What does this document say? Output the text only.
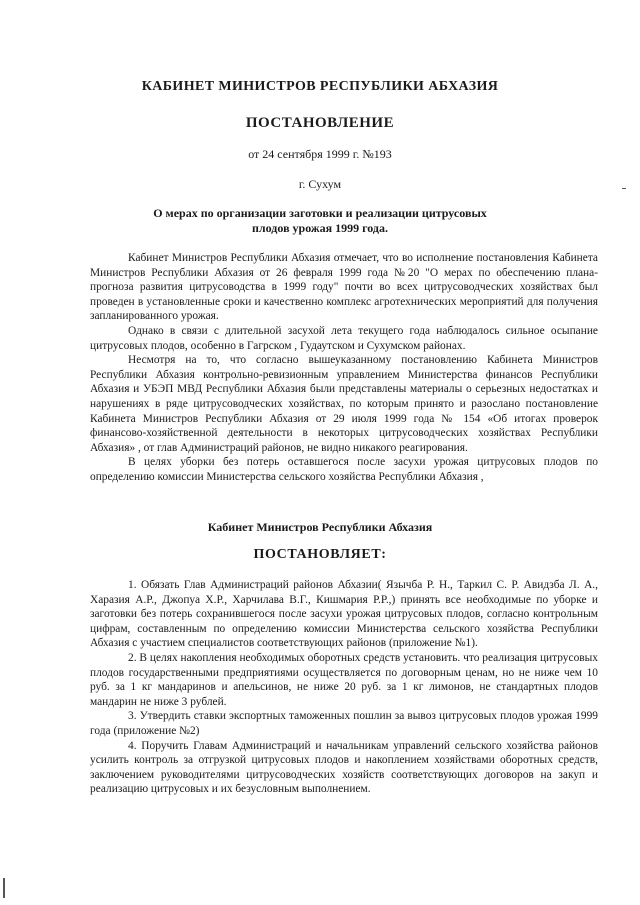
КАБИНЕТ МИНИСТРОВ РЕСПУБЛИКИ АБХАЗИЯ
ПОСТАНОВЛЕНИЕ
от 24 сентября 1999 г. №193
г. Сухум
О мерах по организации заготовки и реализации цитрусовых
плодов урожая 1999 года.

Кабинет Министров Республики Абхазия отмечает, что во исполнение постановления Кабинета Министров Республики Абхазия от 26 февраля 1999 года №20 "О мерах по обеспечению плана-прогноза развития цитрусоводства в 1999 году" почти во всех цитрусоводческих хозяйствах был проведен в установленные сроки и качественно комплекс агротехнических мероприятий для получения запланированного урожая.

Однако в связи с длительной засухой лета текущего года наблюдалось сильное осыпание цитрусовых плодов, особенно в Гагрском , Гудаутском и Сухумском районах.

Несмотря на то, что согласно вышеуказанному постановлению Кабинета Министров Республики Абхазия контрольно-ревизионным управлением Министерства финансов Республики Абхазия и УБЭП МВД Республики Абхазия были представлены материалы о серьезных недостатках и нарушениях в ряде цитрусоводческих хозяйствах, по которым принято и разослано постановление Кабинета Министров Республики Абхазия от 29 июля 1999 года № 154 «Об итогах проверок финансово-хозяйственной деятельности в некоторых цитрусоводческих хозяйствах Республики Абхазия» , от глав Администраций районов, не видно никакого реагирования.

В целях уборки без потерь оставшегося после засухи урожая цитрусовых плодов по определению комиссии Министерства сельского хозяйства Республики Абхазия ,

Кабинет Министров Республики Абхазия
ПОСТАНОВЛЯЕТ:

1. Обязать Глав Администраций районов Абхазии( Язычба Р. Н., Таркил С. Р. Авидзба Л. А., Харазия А.Р., Джопуа Х.Р., Харчилава В.Г., Кишмария Р.Р.,) принять все необходимые по уборке и заготовки без потерь сохранившегося после засухи урожая цитрусовых плодов, согласно контрольным цифрам, составленным по определению комиссии Министерства сельского хозяйства Республики Абхазия с участием специалистов соответствующих районов (приложение №1).

2. В целях накопления необходимых оборотных средств установить. что реализация цитрусовых плодов государственными предприятиями осуществляется по договорным ценам, но не ниже чем 10 руб. за 1 кг мандаринов и апельсинов, не ниже 20 руб. за 1 кг лимонов, не стандартных плодов мандарин не ниже 3 рублей.

3. Утвердить ставки экспортных таможенных пошлин за вывоз цитрусовых плодов урожая 1999 года (приложение №2)

4. Поручить Главам Администраций и начальникам управлений сельского хозяйства районов усилить контроль за отгрузкой цитрусовых плодов и накоплением хозяйствами оборотных средств, заключением руководителями цитрусоводческих хозяйств соответствующих договоров на закуп и реализацию цитрусовых и их безусловным выполнением.
